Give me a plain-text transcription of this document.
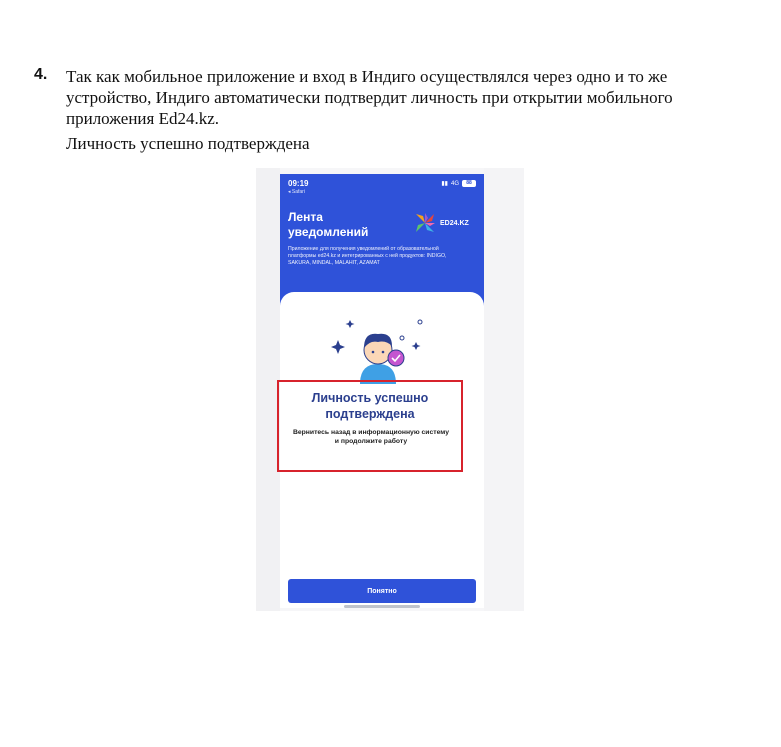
4. Так как мобильное приложение и вход в Индиго осуществлялся через одно и то же устройство, Индиго автоматически подтвердит личность при открытии мобильного приложения Ed24.kz.
Личность успешно подтверждена
09:19
◂ Safari
▮▮ 4G	88
Лента уведомлений
ED24.KZ
Приложение для получения уведомлений от образовательной платформы ed24.kz и интегрированных с ней продуктов: INDIGO, SAKURA, MINDAL, MALAHIT, AZAMAT
Понятно
Личность успешно подтверждена
Вернитесь назад в информационную систему и продолжите работу
